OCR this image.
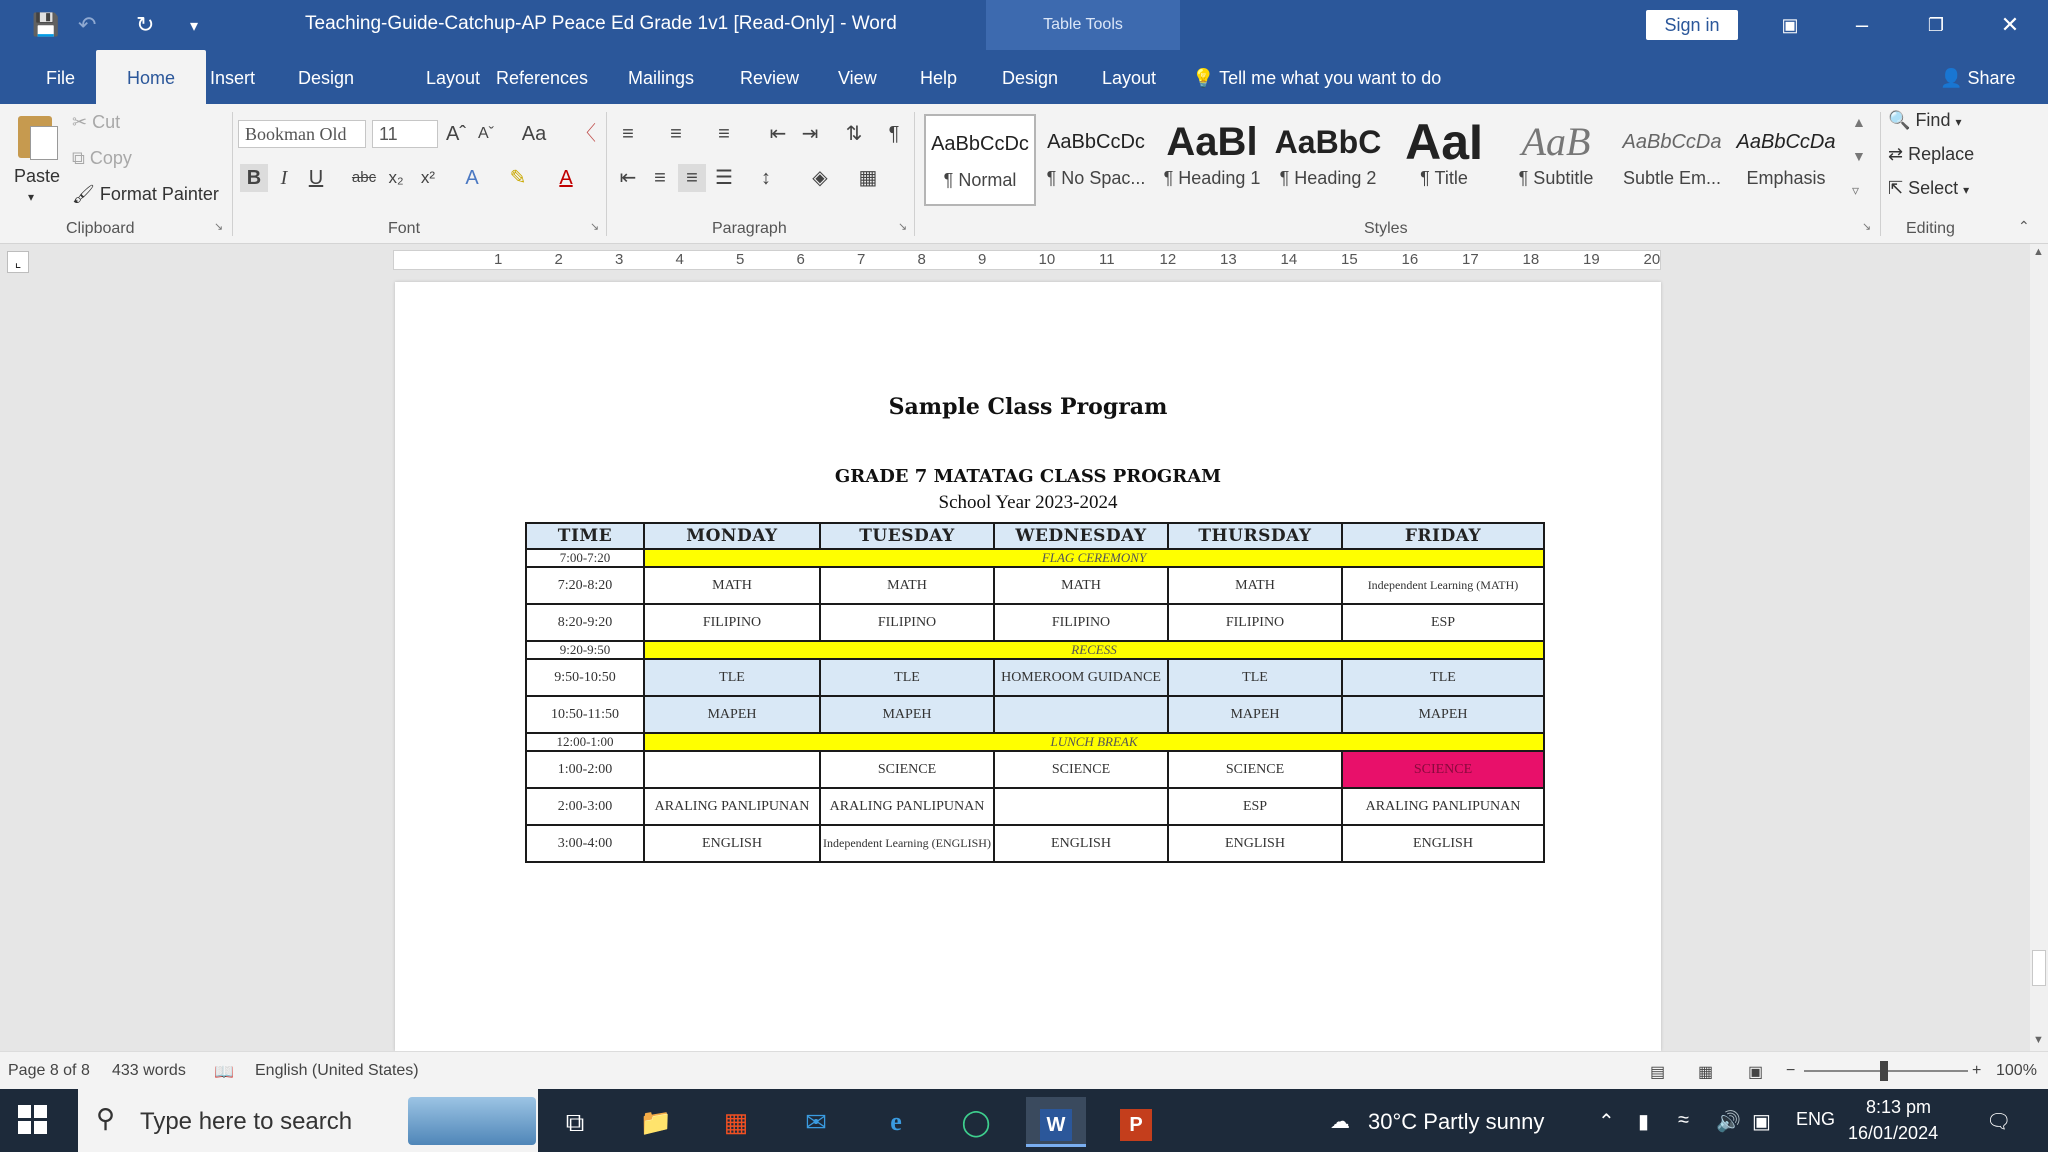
💾 ↶ ↻ ▾	Teaching-Guide-Catchup-AP Peace Ed Grade 1v1 [Read-Only] - Word	Table Tools	Sign in	▣	–	❐	✕
File	Home	Insert	Design	Layout References	Mailings	Review	View	Help	Design	Layout	💡 Tell me what you want to do	👤 Share
Paste
▾
✂ Cut
⧉ Copy
🖌 Format Painter
Clipboard	↘
Bookman Old	11	Aˆ Aˇ	Aa	〈
B I	U	abc x₂	x²	A	✎	A
Font	↘
≡	≡	≡	⇤ ⇥ ⇅	¶
⇤ ≡	≡ ☰	↕	◈	▦
Paragraph	↘
AaBbCcDc
¶ Normal
AaBbCcDc
¶ No Spac...
AaBl
¶ Heading 1
AaBbC
¶ Heading 2
AaI
¶ Title
AaB
¶ Subtitle
AaBbCcDa
Subtle Em...
AaBbCcDa
Emphasis
▲
▼
▿
Styles	↘
🔍 Find ▾
⇄ Replace
⇱ Select ▾
Editing	⌃
⌞	1	2	3	4	5	6	7	8	9	10	11	12	13	14	15	16	17	18	19	20
Sample Class Program
GRADE 7 MATATAG CLASS PROGRAM
School Year 2023-2024
TIME	MONDAY	TUESDAY	WEDNESDAY	THURSDAY	FRIDAY
7:00-7:20	FLAG CEREMONY				
7:20-8:20	MATH	MATH	MATH	MATH	Independent Learning (MATH)
8:20-9:20	FILIPINO	FILIPINO	FILIPINO	FILIPINO	ESP
9:20-9:50	RECESS				
9:50-10:50	TLE	TLE	HOMEROOM GUIDANCE	TLE	TLE
10:50-11:50	MAPEH	MAPEH		MAPEH	MAPEH
12:00-1:00	LUNCH BREAK				
1:00-2:00		SCIENCE	SCIENCE	SCIENCE	SCIENCE
2:00-3:00	ARALING PANLIPUNAN	ARALING PANLIPUNAN		ESP	ARALING PANLIPUNAN
3:00-4:00	ENGLISH	Independent Learning (ENGLISH)	ENGLISH	ENGLISH	ENGLISH
▲
▼
Page 8 of 8 433 words 📖 English (United States)	▤ ▦ ▣ −	+ 100%
⚲ Type here to search	⧉	📁	▦	✉	e	◯	W	P	☁ 30°C Partly sunny	⌃ ▮ ≈ 🔊 ▣ ENG
8:13 pm
16/01/2024 🗨
